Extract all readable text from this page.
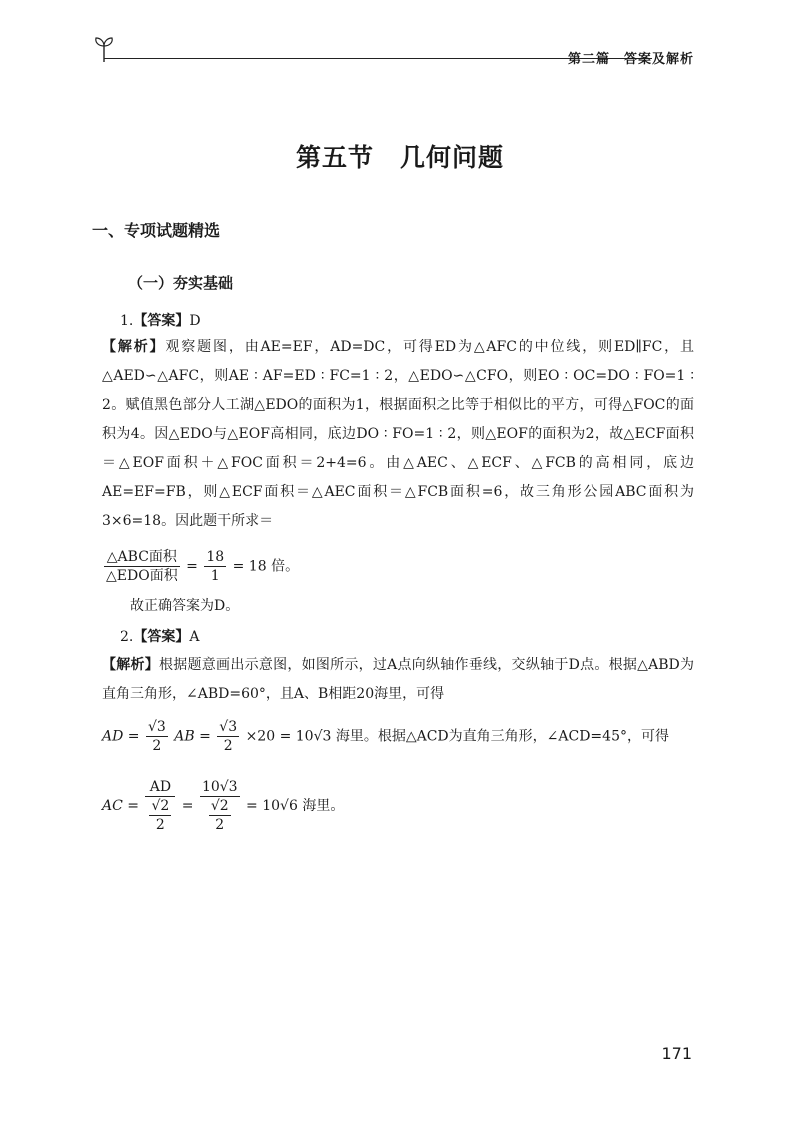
第二篇　答案及解析
第五节　几何问题
一、专项试题精选
（一）夯实基础
1.【答案】D
【解析】观察题图，由AE=EF，AD=DC，可得ED为△AFC的中位线，则ED∥FC，且△AED∽△AFC，则AE ∶ AF=ED ∶ FC=1 ∶ 2，△EDO∽△CFO，则EO ∶ OC=DO ∶ FO=1 ∶ 2。赋值黑色部分人工湖△EDO的面积为1，根据面积之比等于相似比的平方，可得△FOC的面积为4。因△EDO与△EOF高相同，底边DO ∶ FO=1 ∶ 2，则△EOF的面积为2，故△ECF面积＝△EOF面积＋△FOC面积＝2+4=6。由△AEC、△ECF、△FCB的高相同，底边AE=EF=FB，则△ECF面积＝△AEC面积＝△FCB面积=6，故三角形公园ABC面积为3×6=18。因此题干所求＝
$\frac{\text{△ABC面积}}{\text{△EDO面积}} = \frac{18}{1} = 18$ 倍。
故正确答案为D。
2.【答案】A
【解析】根据题意画出示意图，如图所示，过A点向纵轴作垂线，交纵轴于D点。根据△ABD为直角三角形，∠ABD=60°，且A、B相距20海里，可得
AD = $\frac{√3}{2}$ AB = $\frac{√3}{2} \times 20 = 10√3$ 海里。根据△ACD为直角三角形，∠ACD=45°，可得
AC = $\frac{AD}{\frac{√2}{2}} = \frac{10√3}{\frac{√2}{2}} = 10√6$ 海里。
171
